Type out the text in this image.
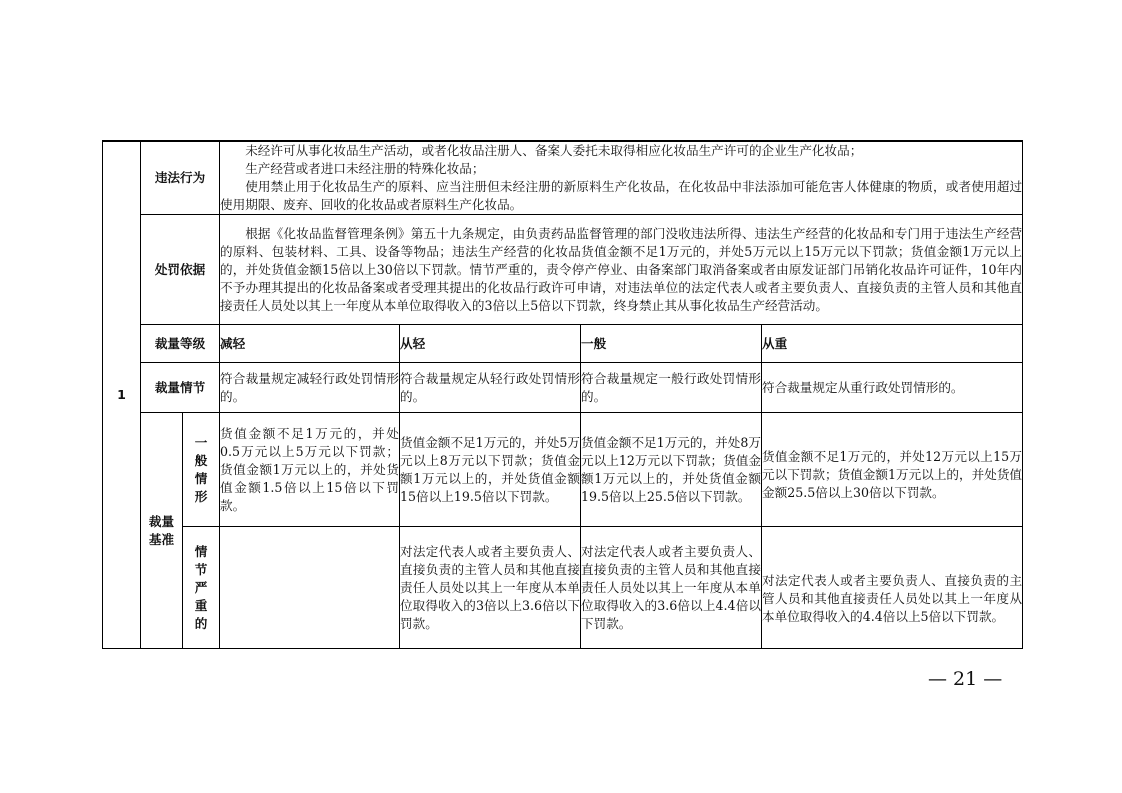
1	违法行为		未经许可从事化妆品生产活动，或者化妆品注册人、备案人委托未取得相应化妆品生产许可的企业生产化妆品；

生产经营或者进口未经注册的特殊化妆品；

使用禁止用于化妆品生产的原料、应当注册但未经注册的新原料生产化妆品，在化妆品中非法添加可能危害人体健康的物质，或者使用超过使用期限、废弃、回收的化妆品或者原料生产化妆品。			

	处罚依据		根据《化妆品监督管理条例》第五十九条规定，由负责药品监督管理的部门没收违法所得、违法生产经营的化妆品和专门用于违法生产经营的原料、包装材料、工具、设备等物品；违法生产经营的化妆品货值金额不足1万元的，并处5万元以上15万元以下罚款；货值金额1万元以上的，并处货值金额15倍以上30倍以下罚款。情节严重的，责令停产停业、由备案部门取消备案或者由原发证部门吊销化妆品许可证件，10年内不予办理其提出的化妆品备案或者受理其提出的化妆品行政许可申请，对违法单位的法定代表人或者主要负责人、直接负责的主管人员和其他直接责任人员处以其上一年度从本单位取得收入的3倍以上5倍以下罚款，终身禁止其从事化妆品生产经营活动。			

	裁量等级		减轻	从轻	一般	从重
	裁量情节		符合裁量规定减轻行政处罚情形的。	符合裁量规定从轻行政处罚情形的。	符合裁量规定一般行政处罚情形的。	符合裁量规定从重行政处罚情形的。

	裁量基准	一般情形	货值金额不足1万元的，并处0.5万元以上5万元以下罚款；货值金额1万元以上的，并处货值金额1.5倍以上15倍以下罚款。	货值金额不足1万元的，并处5万元以上8万元以下罚款；货值金额1万元以上的，并处货值金额15倍以上19.5倍以下罚款。	货值金额不足1万元的，并处8万元以上12万元以下罚款；货值金额1万元以上的，并处货值金额19.5倍以上25.5倍以下罚款。	货值金额不足1万元的，并处12万元以上15万元以下罚款；货值金额1万元以上的，并处货值金额25.5倍以上30倍以下罚款。

		情节严重的		对法定代表人或者主要负责人、直接负责的主管人员和其他直接责任人员处以其上一年度从本单位取得收入的3倍以上3.6倍以下罚款。	对法定代表人或者主要负责人、直接负责的主管人员和其他直接责任人员处以其上一年度从本单位取得收入的3.6倍以上4.4倍以下罚款。	对法定代表人或者主要负责人、直接负责的主管人员和其他直接责任人员处以其上一年度从本单位取得收入的4.4倍以上5倍以下罚款。
— 21 —
